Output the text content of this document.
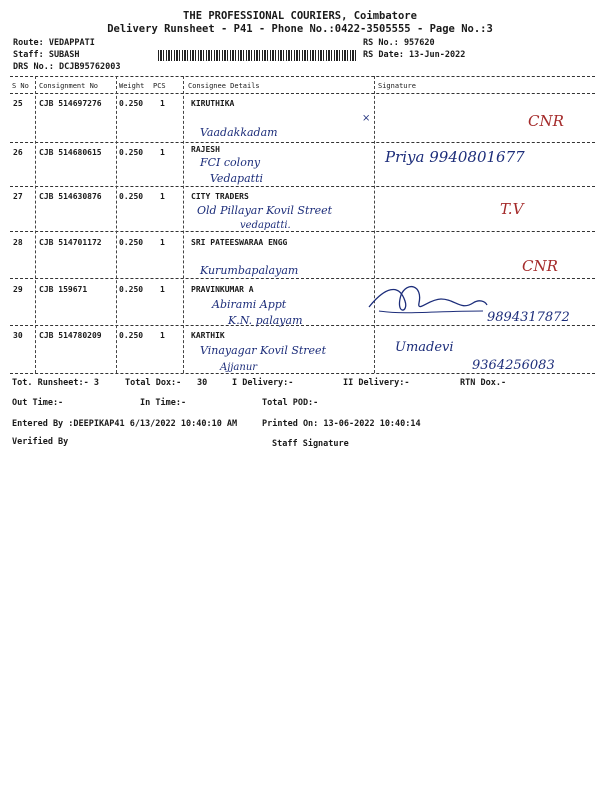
THE PROFESSIONAL COURIERS, Coimbatore
Delivery Runsheet - P41 - Phone No.:0422-3505555 - Page No.:3
Route: VEDAPPATI
Staff: SUBASH
DRS No.: DCJB95762003
RS No.: 957620
RS Date: 13-Jun-2022
S No Consignment No	Weight PCS	Consignee Details	Signature
25 CJB 514697276 0.250 1	KIRUTHIKA
Vaadakkadam
×	CNR
26 CJB 514680615 0.250 1	RAJESH
FCI colony
Vedapatti
Priya 9940801677
27 CJB 514630876 0.250 1	CITY TRADERS
Old Pillayar Kovil Street
vedapatti.
T.V
28 CJB 514701172 0.250 1	SRI PATEESWARAA ENGG
Kurumbapalayam	CNR
29 CJB 159671	0.250 1	PRAVINKUMAR A
Abirami Appt
K.N. palayam	9894317872
30 CJB 514780209 0.250 1	KARTHIK
Vinayagar Kovil Street
Ajjanur
Umadevi
9364256083
Tot. Runsheet:- 3	Total Dox:- 30	I Delivery:-	II Delivery:-	RTN Dox.-
Out Time:-	In Time:-	Total POD:-
Entered By :DEEPIKAP41 6/13/2022 10:40:10 AM	Printed On: 13-06-2022 10:40:14
Verified By	Staff Signature
